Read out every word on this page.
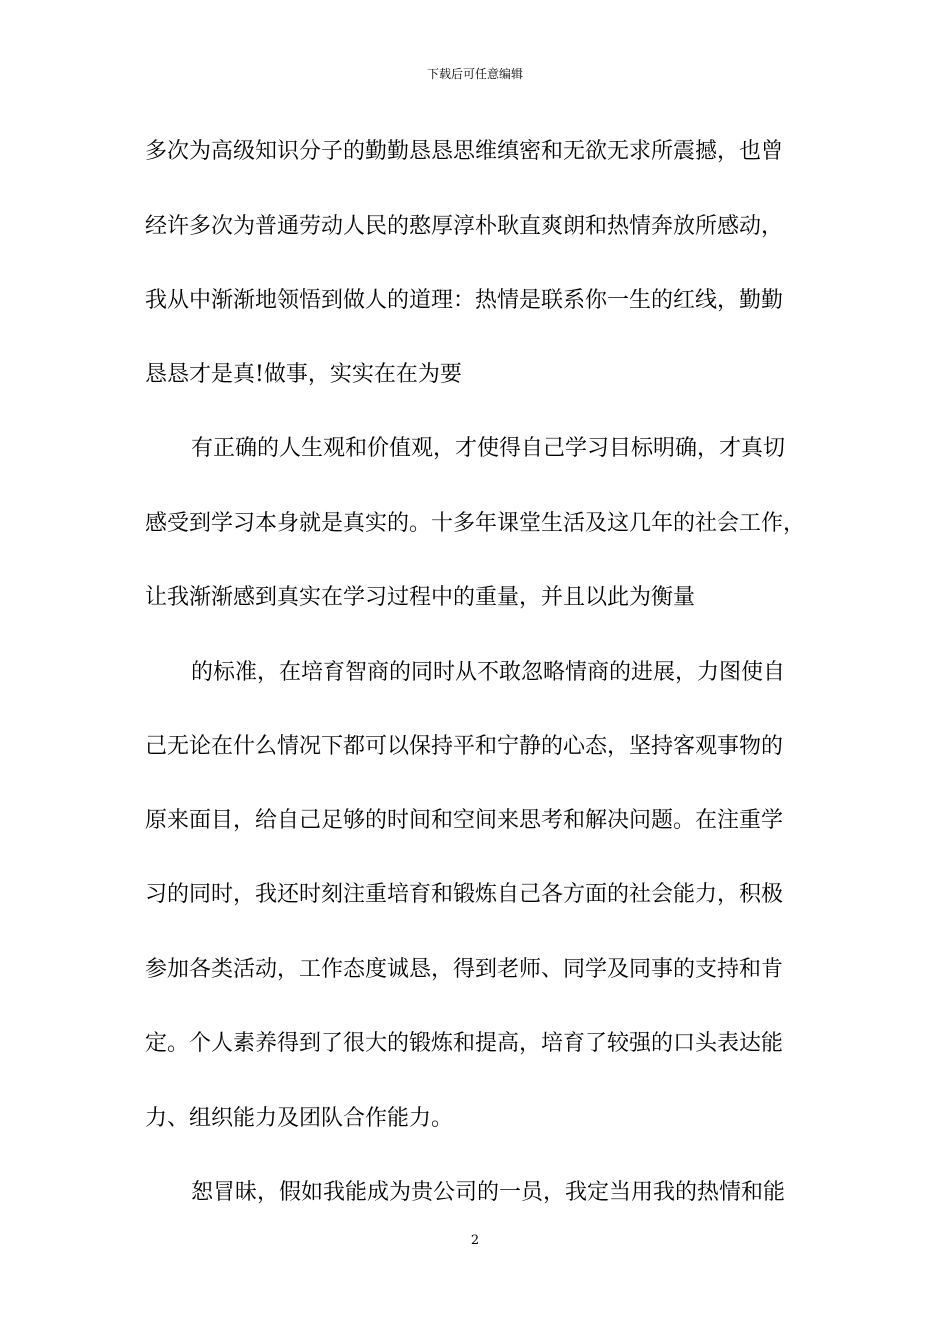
下载后可任意编辑
多次为高级知识分子的勤勤恳恳思维缜密和无欲无求所震撼，也曾
经许多次为普通劳动人民的憨厚淳朴耿直爽朗和热情奔放所感动，
我从中渐渐地领悟到做人的道理：热情是联系你一生的红线，勤勤
恳恳才是真!做事，实实在在为要
有正确的人生观和价值观，才使得自己学习目标明确，才真切
感受到学习本身就是真实的。十多年课堂生活及这几年的社会工作，
让我渐渐感到真实在学习过程中的重量，并且以此为衡量
的标准，在培育智商的同时从不敢忽略情商的进展，力图使自
己无论在什么情况下都可以保持平和宁静的心态，坚持客观事物的
原来面目，给自己足够的时间和空间来思考和解决问题。在注重学
习的同时，我还时刻注重培育和锻炼自己各方面的社会能力，积极
参加各类活动，工作态度诚恳，得到老师、同学及同事的支持和肯
定。个人素养得到了很大的锻炼和提高，培育了较强的口头表达能
力、组织能力及团队合作能力。
恕冒昧，假如我能成为贵公司的一员，我定当用我的热情和能
2
